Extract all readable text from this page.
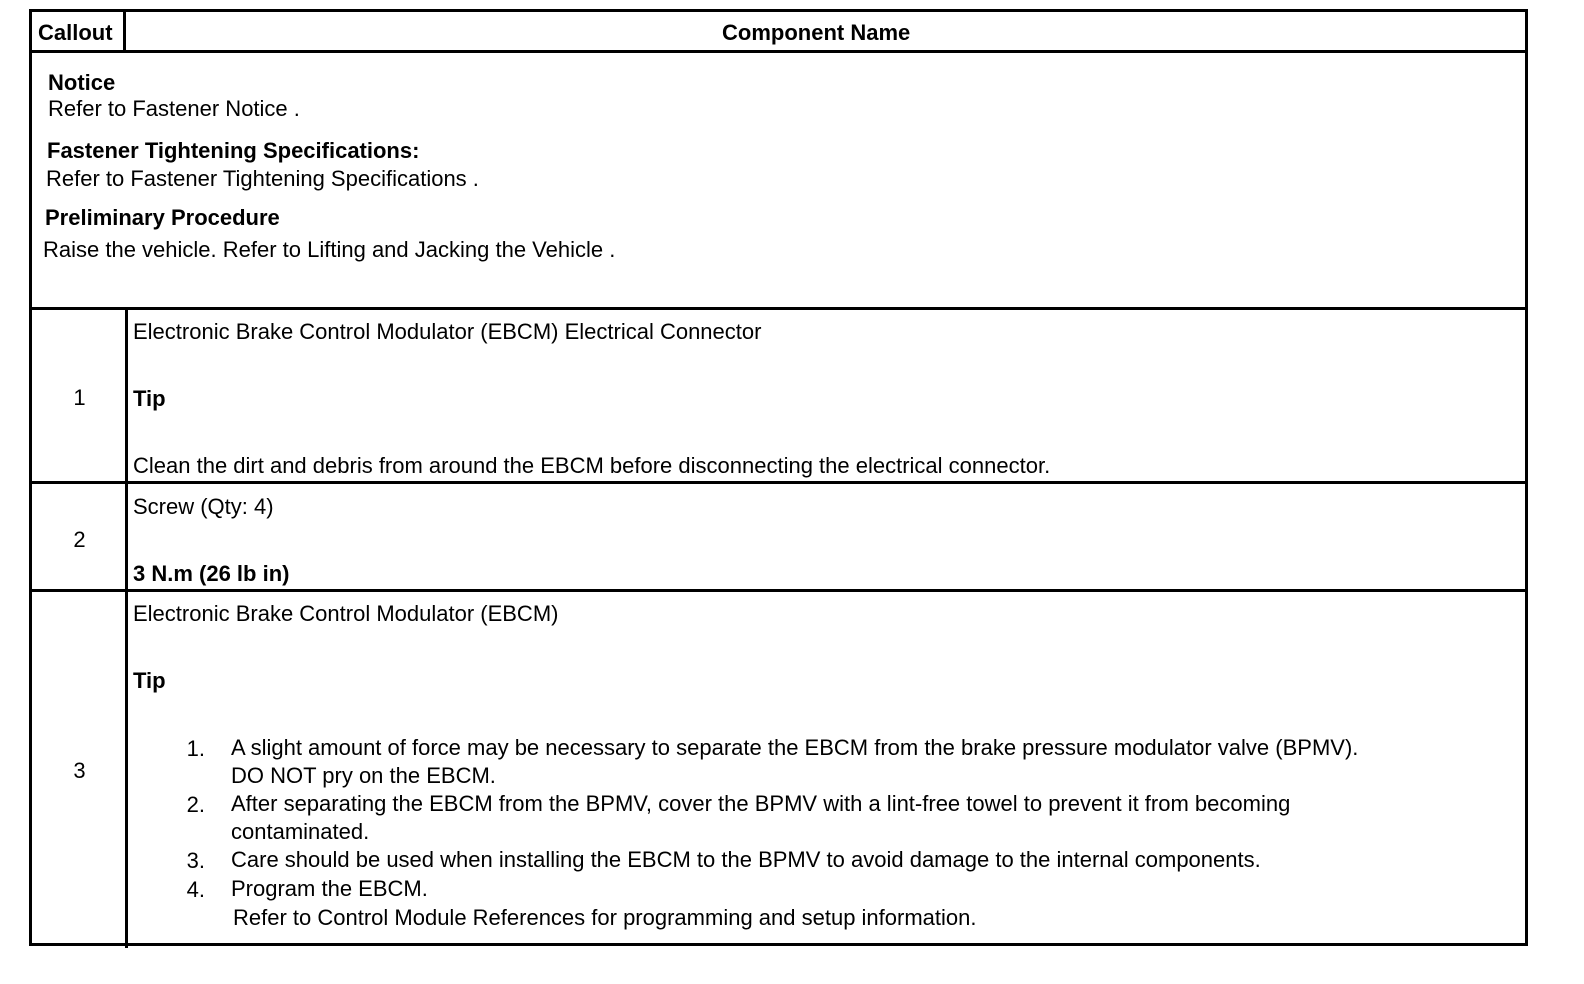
Callout	Component Name
Notice
Refer to Fastener Notice .
Fastener Tightening Specifications:
Refer to Fastener Tightening Specifications .
Preliminary Procedure
Raise the vehicle. Refer to Lifting and Jacking the Vehicle .
1
Electronic Brake Control Modulator (EBCM) Electrical Connector
Tip
Clean the dirt and debris from around the EBCM before disconnecting the electrical connector.
2
Screw (Qty: 4)
3 N.m (26 lb in)
3
Electronic Brake Control Modulator (EBCM)
Tip
1. A slight amount of force may be necessary to separate the EBCM from the brake pressure modulator valve (BPMV).
DO NOT pry on the EBCM.
2. After separating the EBCM from the BPMV, cover the BPMV with a lint-free towel to prevent it from becoming
contaminated.
3. Care should be used when installing the EBCM to the BPMV to avoid damage to the internal components.
4. Program the EBCM.
Refer to Control Module References for programming and setup information.
